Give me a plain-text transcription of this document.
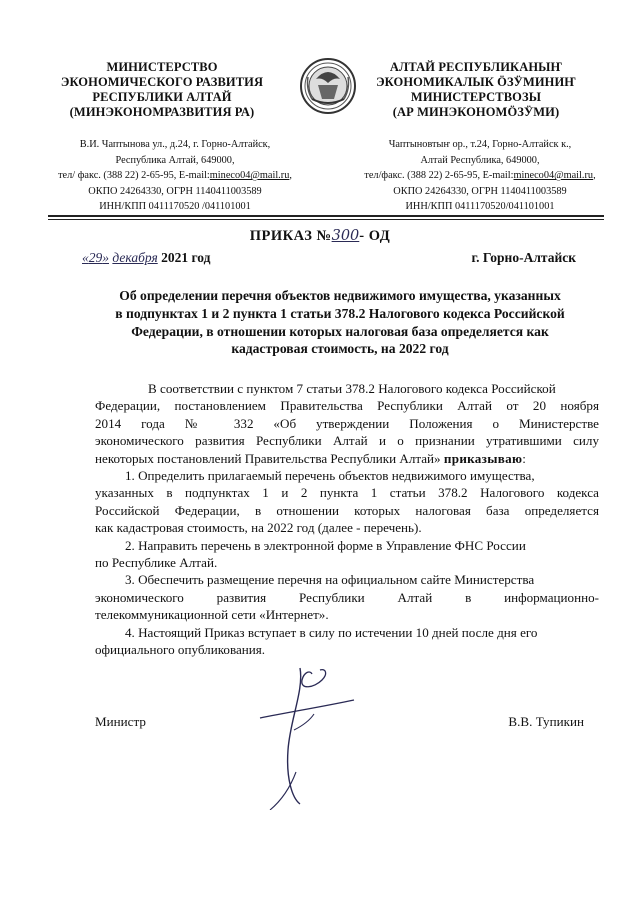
МИНИСТЕРСТВО
ЭКОНОМИЧЕСКОГО РАЗВИТИЯ
РЕСПУБЛИКИ АЛТАЙ
(МИНЭКОНОМРАЗВИТИЯ РА)
АЛТАЙ РЕСПУБЛИКАНЫҤ
ЭКОНОМИКАЛЫК ӦЗӰМИНИҤ
МИНИСТЕРСТВОЗЫ
(АР МИНЭКОНОМӦЗӰМИ)
В.И. Чаптынова ул., д.24, г. Горно-Алтайск,
Республика Алтай, 649000,
тел/ факс. (388 22) 2-65-95, E-mail:mineco04@mail.ru,
ОКПО 24264330, ОГРН 1140411003589
ИНН/КПП 0411170520 /041101001
Чаптыновтыҥ ор., т.24, Горно-Алтайск к.,
Алтай Республика, 649000,
тел/факс. (388 22) 2-65-95, E-mail:mineco04@mail.ru,
ОКПО 24264330, ОГРН 1140411003589
ИНН/КПП 0411170520/041101001
ПРИКАЗ №300- ОД
«29» декабря 2021 год	г. Горно-Алтайск
Об определении перечня объектов недвижимого имущества, указанных
в подпунктах 1 и 2 пункта 1 статьи 378.2 Налогового кодекса Российской
Федерации, в отношении которых налоговая база определяется как
кадастровая стоимость, на 2022 год
В соответствии с пунктом 7 статьи 378.2 Налогового кодекса Российской
Федерации, постановлением Правительства Республики Алтай от 20 ноября
2014 года № 332 «Об утверждении Положения о Министерстве
экономического развития Республики Алтай и о признании утратившими силу
некоторых постановлений Правительства Республики Алтай» приказываю:
1. Определить прилагаемый перечень объектов недвижимого имущества,
указанных в подпунктах 1 и 2 пункта 1 статьи 378.2 Налогового кодекса
Российской Федерации, в отношении которых налоговая база определяется
как кадастровая стоимость, на 2022 год (далее - перечень).
2. Направить перечень в электронной форме в Управление ФНС России
по Республике Алтай.
3. Обеспечить размещение перечня на официальном сайте Министерства
экономического развития Республики Алтай в информационно-
телекоммуникационной сети «Интернет».
4. Настоящий Приказ вступает в силу по истечении 10 дней после дня его
официального опубликования.
Министр	В.В. Тупикин
